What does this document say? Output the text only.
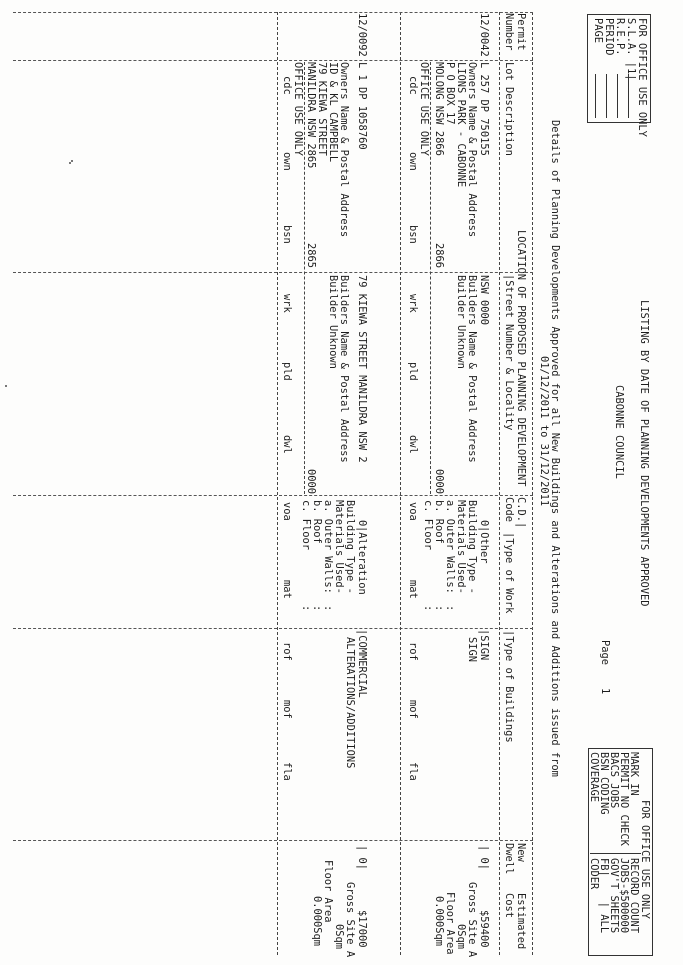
FOR OFFICE USE ONLY
S.L.A. |1|
R.E.P.
PERIOD
PAGE
LISTING BY DATE OF PLANNING DEVELOPMENTS APPROVED
CABONNE COUNCIL
Page
1
Details of Planning Developments Approved for all New Buildings and Alterations and Additions issued from
01/12/2011 to 31/12/2011
FOR OFFICE USE ONLY
MARK IN
PERMIT NO CHECK
BACS JOBS
BSN CODING
COVERAGE
RECORD COUNT
JOBS-$500000
GOV'T SHEETS
FB|    | ALL
CODER
Permit
Number
Lot Description
LOCATION OF PROPOSED PLANNING DEVELOPMENT
|Street Number & Locality
C.D.|
Code
|Type of Work
|Type of Buildings
New
Dwell
Estimated
Cost
12/0042
L 257 DP 750155
NSW 0000
0
|Other
|SIGN
| 0|
$59400
Owners Name & Postal Address
LIONS PARK - CABONNE
P O BOX 17
MOLONG NSW 2866
2866
Builders Name & Postal Address
Builder Unknown
0000
Building Type -
Materials Used-
a. Outer Walls:
b. Roof
c. Floor
SIGN
:
:
:
Gross Site A
0Sqm
Floor Area
0.000Sqm
OFFICE USE ONLY
cdc
own
bsn
wrk
pld
dwl
voa
mat
rof
mof
fla
12/0092
L 1 DP 1058760
79 KIEWA STREET MANILDRA NSW 2
0
|Alteration
|COMMERCIAL
ALTERATIONS/ADDITIONS
| 0|
$17000
Owners Name & Postal Address
ID & KL CAMPBELL
79 KIEWA STREET
MANILDRA NSW 2865
2865
Builders Name & Postal Address
Builder Unknown
0000
Building Type -
Materials Used-
a. Outer Walls:
b. Roof
c. Floor
:
:
:
Gross Site A
0Sqm
Floor Area
0.000Sqm
OFFICE USE ONLY
cdc
own
bsn
wrk
pld
dwl
voa
mat
rof
mof
fla
